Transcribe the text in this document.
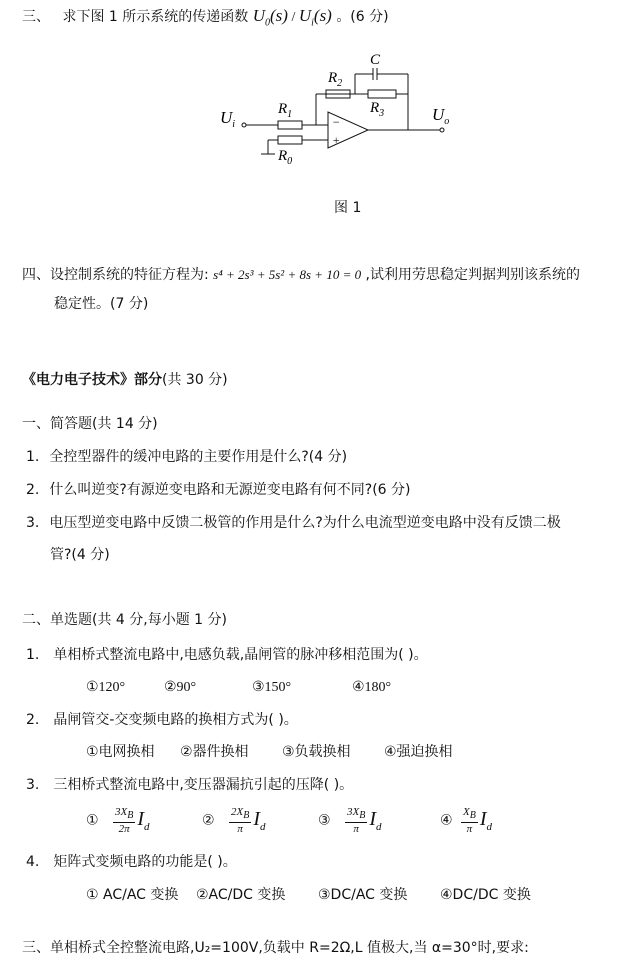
三、 求下图 1 所示系统的传递函数 $U_0(s) / U_i(s)$ 。(6 分)
$U_i$
$U_o$
$R_1$
$R_2$
$R_3$
$R_0$
C
−
+
图 1
四、设控制系统的特征方程为: s⁴ + 2s³ + 5s² + 8s + 10 = 0 ,试利用劳思稳定判据判别该系统的
稳定性。(7 分)
《电力电子技术》部分(共 30 分)
一、简答题(共 14 分)
1. 全控型器件的缓冲电路的主要作用是什么?(4 分)
2. 什么叫逆变?有源逆变电路和无源逆变电路有何不同?(6 分)
3. 电压型逆变电路中反馈二极管的作用是什么?为什么电流型逆变电路中没有反馈二极
管?(4 分)
二、单选题(共 4 分,每小题 1 分)
1. 单相桥式整流电路中,电感负载,晶闸管的脉冲移相范围为( )。
①120°	②90°	③150°	④180°
2. 晶闸管交-交变频电路的换相方式为( )。
①电网换相 ②器件换相 ③负载换相 ④强迫换相
3. 三相桥式整流电路中,变压器漏抗引起的压降( )。
① $\frac{3X_B}{2\pi} I_d$	② $\frac{2X_B}{\pi} I_d$	③ $\frac{3X_B}{\pi} I_d$	④ $\frac{X_B}{\pi} I_d$
4. 矩阵式变频电路的功能是( )。
① AC/AC 变换 ②AC/DC 变换 ③DC/AC 变换 ④DC/DC 变换
三、单相桥式全控整流电路,U₂=100V,负载中 R=2Ω,L 值极大,当 α=30°时,要求:
